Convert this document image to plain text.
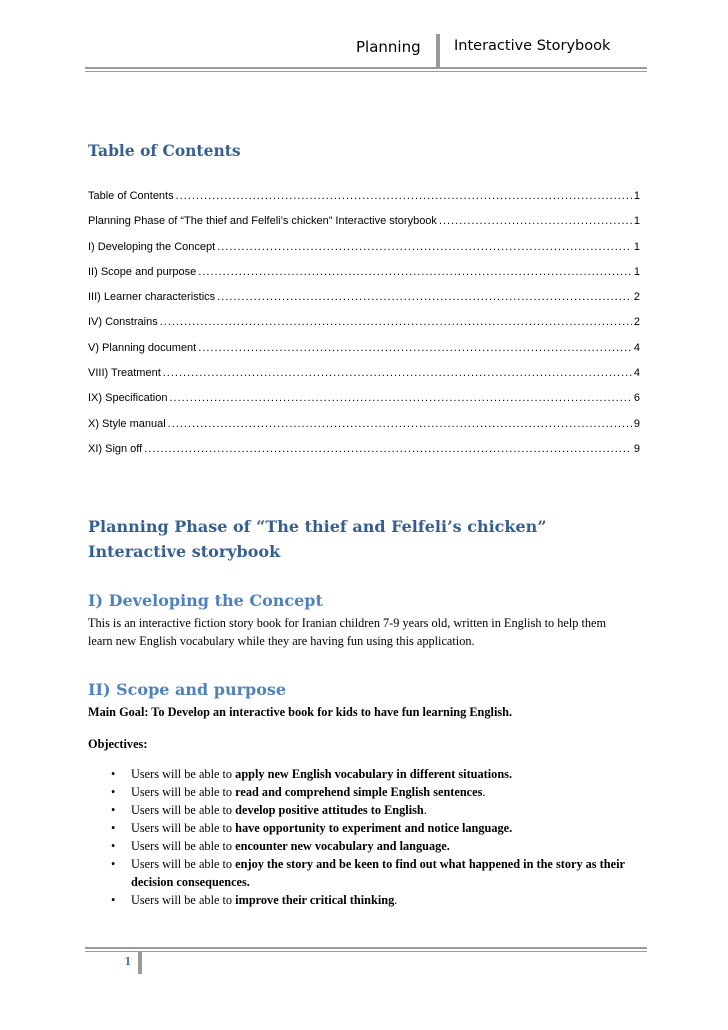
Planning Interactive Storybook
Table of Contents
Table of Contents .....	1
Planning Phase of “The thief and Felfeli’s chicken” Interactive storybook .....	1
I) Developing the Concept .....	1
II) Scope and purpose .....	1
III) Learner characteristics .....	2
IV) Constrains .....	2
V) Planning document .....	4
VIII) Treatment .....	4
IX) Specification .....	6
X) Style manual .....	9
XI) Sign off .....	9
Planning Phase of “The thief and Felfeli’s chicken” Interactive storybook
I) Developing the Concept
This is an interactive fiction story book for Iranian children 7-9 years old, written in English to help them learn new English vocabulary while they are having fun using this application.
II) Scope and purpose
Main Goal: To Develop an interactive book for kids to have fun learning English.
Objectives:
• Users will be able to apply new English vocabulary in different situations.
• Users will be able to read and comprehend simple English sentences.
• Users will be able to develop positive attitudes to English.
• Users will be able to have opportunity to experiment and notice language.
• Users will be able to encounter new vocabulary and language.
• Users will be able to enjoy the story and be keen to find out what happened in the story as their decision consequences.
• Users will be able to improve their critical thinking.
1
